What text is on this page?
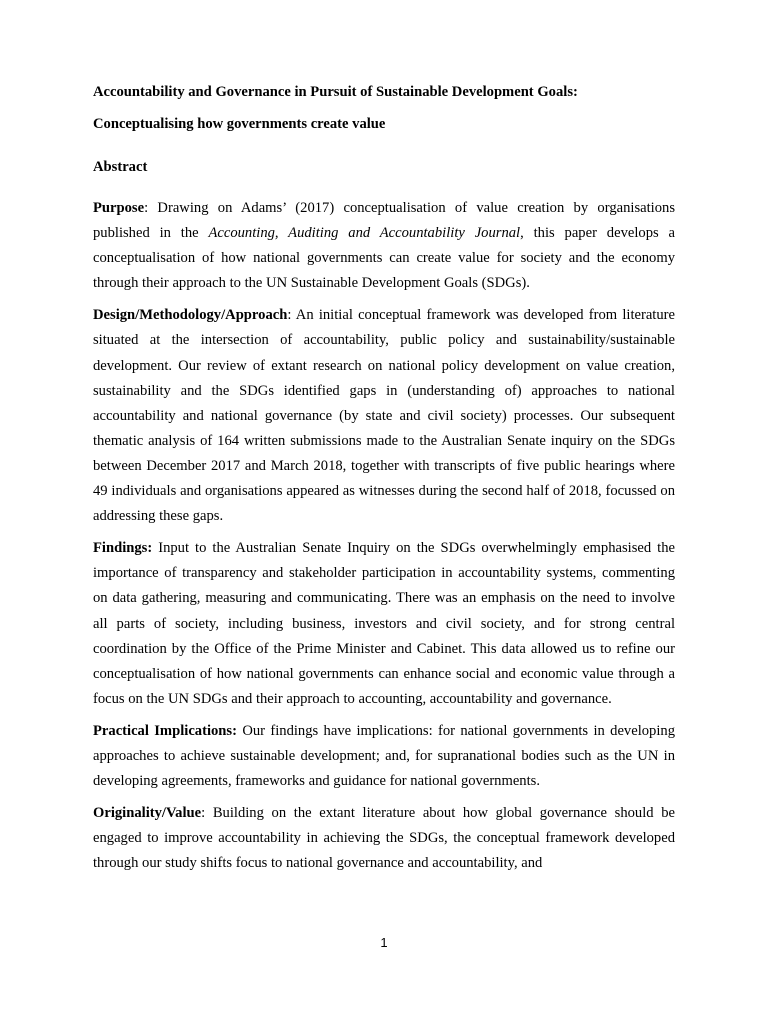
Accountability and Governance in Pursuit of Sustainable Development Goals:

Conceptualising how governments create value

Abstract

Purpose: Drawing on Adams’ (2017) conceptualisation of value creation by organisations published in the Accounting, Auditing and Accountability Journal, this paper develops a conceptualisation of how national governments can create value for society and the economy through their approach to the UN Sustainable Development Goals (SDGs).

Design/Methodology/Approach: An initial conceptual framework was developed from literature situated at the intersection of accountability, public policy and sustainability/sustainable development. Our review of extant research on national policy development on value creation, sustainability and the SDGs identified gaps in (understanding of) approaches to national accountability and national governance (by state and civil society) processes. Our subsequent thematic analysis of 164 written submissions made to the Australian Senate inquiry on the SDGs between December 2017 and March 2018, together with transcripts of five public hearings where 49 individuals and organisations appeared as witnesses during the second half of 2018, focussed on addressing these gaps.

Findings: Input to the Australian Senate Inquiry on the SDGs overwhelmingly emphasised the importance of transparency and stakeholder participation in accountability systems, commenting on data gathering, measuring and communicating. There was an emphasis on the need to involve all parts of society, including business, investors and civil society, and for strong central coordination by the Office of the Prime Minister and Cabinet. This data allowed us to refine our conceptualisation of how national governments can enhance social and economic value through a focus on the UN SDGs and their approach to accounting, accountability and governance.

Practical Implications: Our findings have implications: for national governments in developing approaches to achieve sustainable development; and, for supranational bodies such as the UN in developing agreements, frameworks and guidance for national governments.

Originality/Value: Building on the extant literature about how global governance should be engaged to improve accountability in achieving the SDGs, the conceptual framework developed through our study shifts focus to national governance and accountability, and

1
